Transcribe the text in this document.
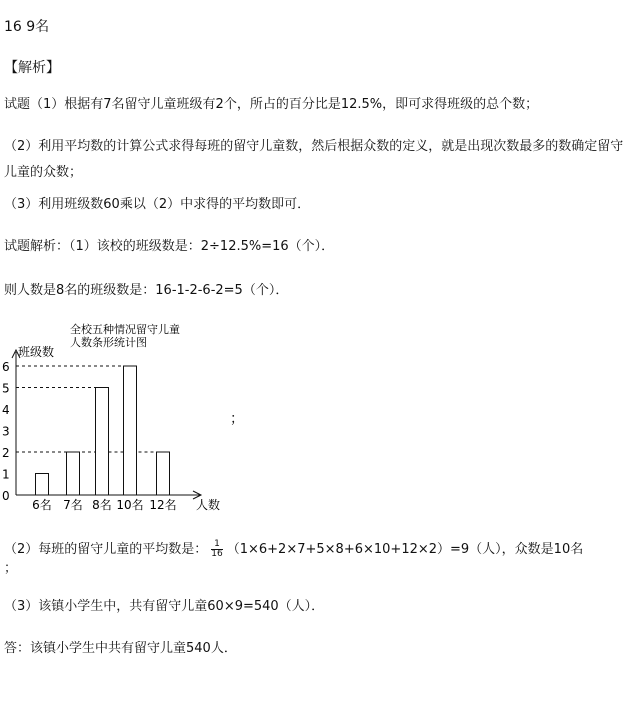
16 9名
【解析】
试题（1）根据有7名留守儿童班级有2个，所占的百分比是12.5%，即可求得班级的总个数；
（2）利用平均数的计算公式求得每班的留守儿童数，然后根据众数的定义，就是出现次数最多的数确定留守儿童的众数；
（3）利用班级数60乘以（2）中求得的平均数即可．
试题解析：（1）该校的班级数是：2÷12.5%=16（个）．
则人数是8名的班级数是：16-1-2-6-2=5（个）．
全校五种情况留守儿童
人数条形统计图
班级数
人数
0
1
2
3
4
5
6
6名 7名 8名 10名 12名
；
（2）每班的留守儿童的平均数是： $\frac{1}{16} (1\times 6+2\times 7+5\times 8+6\times 10+12\times 2)=9$（人），众数是10名
；
（3）该镇小学生中，共有留守儿童60×9=540（人）．
答：该镇小学生中共有留守儿童540人．
